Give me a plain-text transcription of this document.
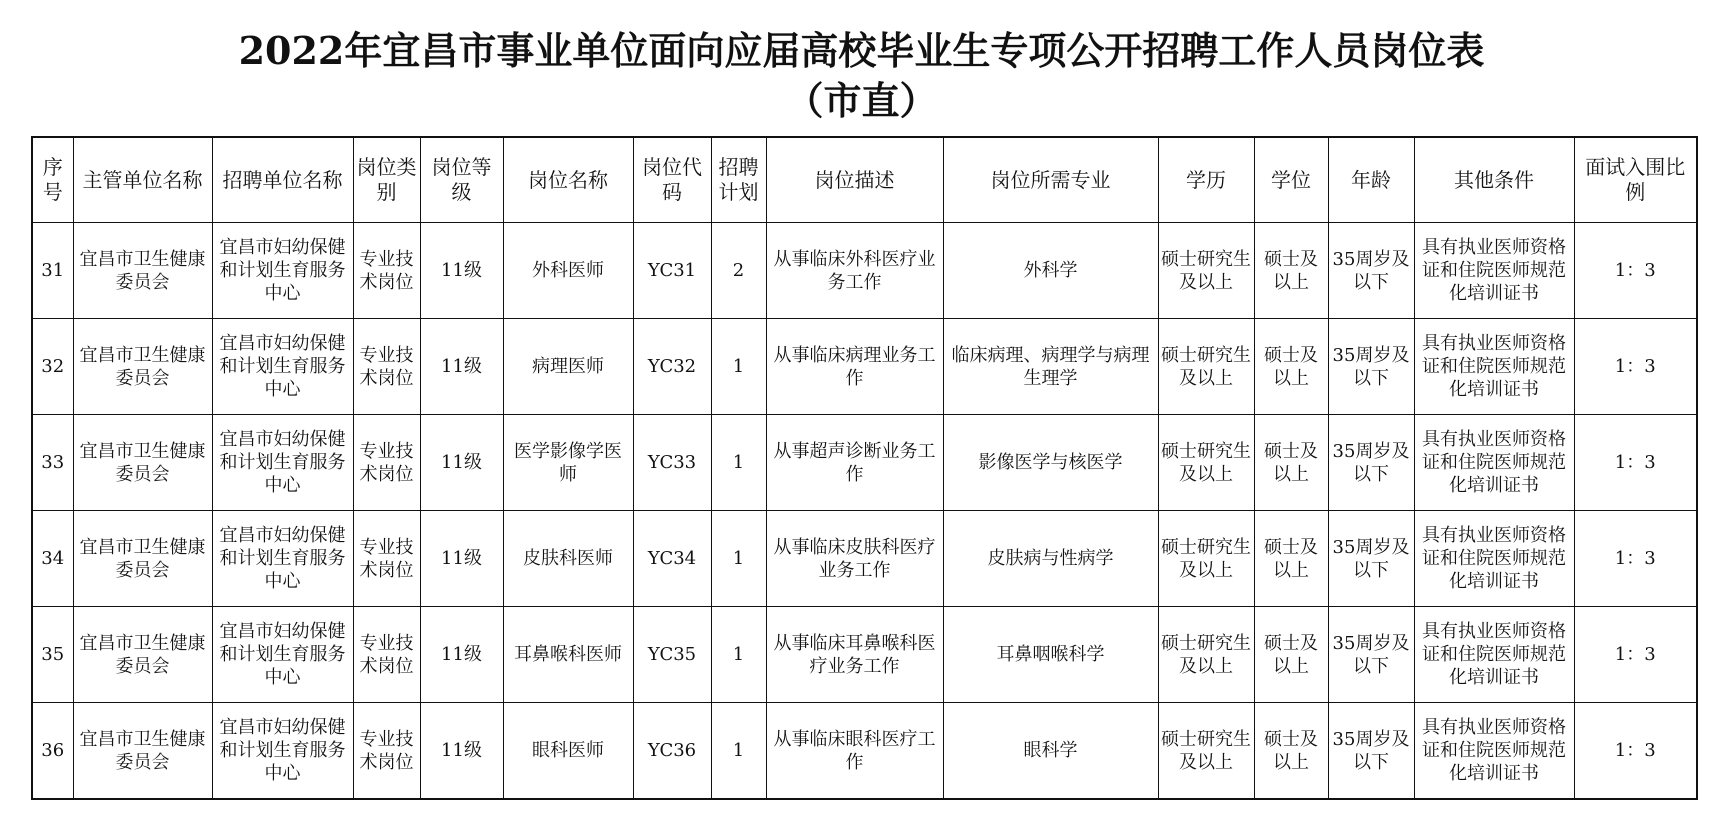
2022年宜昌市事业单位面向应届高校毕业生专项公开招聘工作人员岗位表
（市直）
序号	主管单位名称	招聘单位名称	岗位类别	岗位等级	岗位名称	岗位代码	招聘计划	岗位描述	岗位所需专业	学历	学位	年龄	其他条件	面试入围比例
31	宜昌市卫生健康委员会	宜昌市妇幼保健和计划生育服务中心	专业技术岗位	11级	外科医师	YC31	2	从事临床外科医疗业务工作	外科学	硕士研究生及以上	硕士及以上	35周岁及以下	具有执业医师资格证和住院医师规范化培训证书	1：3
32	宜昌市卫生健康委员会	宜昌市妇幼保健和计划生育服务中心	专业技术岗位	11级	病理医师	YC32	1	从事临床病理业务工作	临床病理、病理学与病理生理学	硕士研究生及以上	硕士及以上	35周岁及以下	具有执业医师资格证和住院医师规范化培训证书	1：3
33	宜昌市卫生健康委员会	宜昌市妇幼保健和计划生育服务中心	专业技术岗位	11级	医学影像学医师	YC33	1	从事超声诊断业务工作	影像医学与核医学	硕士研究生及以上	硕士及以上	35周岁及以下	具有执业医师资格证和住院医师规范化培训证书	1：3
34	宜昌市卫生健康委员会	宜昌市妇幼保健和计划生育服务中心	专业技术岗位	11级	皮肤科医师	YC34	1	从事临床皮肤科医疗业务工作	皮肤病与性病学	硕士研究生及以上	硕士及以上	35周岁及以下	具有执业医师资格证和住院医师规范化培训证书	1：3
35	宜昌市卫生健康委员会	宜昌市妇幼保健和计划生育服务中心	专业技术岗位	11级	耳鼻喉科医师	YC35	1	从事临床耳鼻喉科医疗业务工作	耳鼻咽喉科学	硕士研究生及以上	硕士及以上	35周岁及以下	具有执业医师资格证和住院医师规范化培训证书	1：3
36	宜昌市卫生健康委员会	宜昌市妇幼保健和计划生育服务中心	专业技术岗位	11级	眼科医师	YC36	1	从事临床眼科医疗工作	眼科学	硕士研究生及以上	硕士及以上	35周岁及以下	具有执业医师资格证和住院医师规范化培训证书	1：3
